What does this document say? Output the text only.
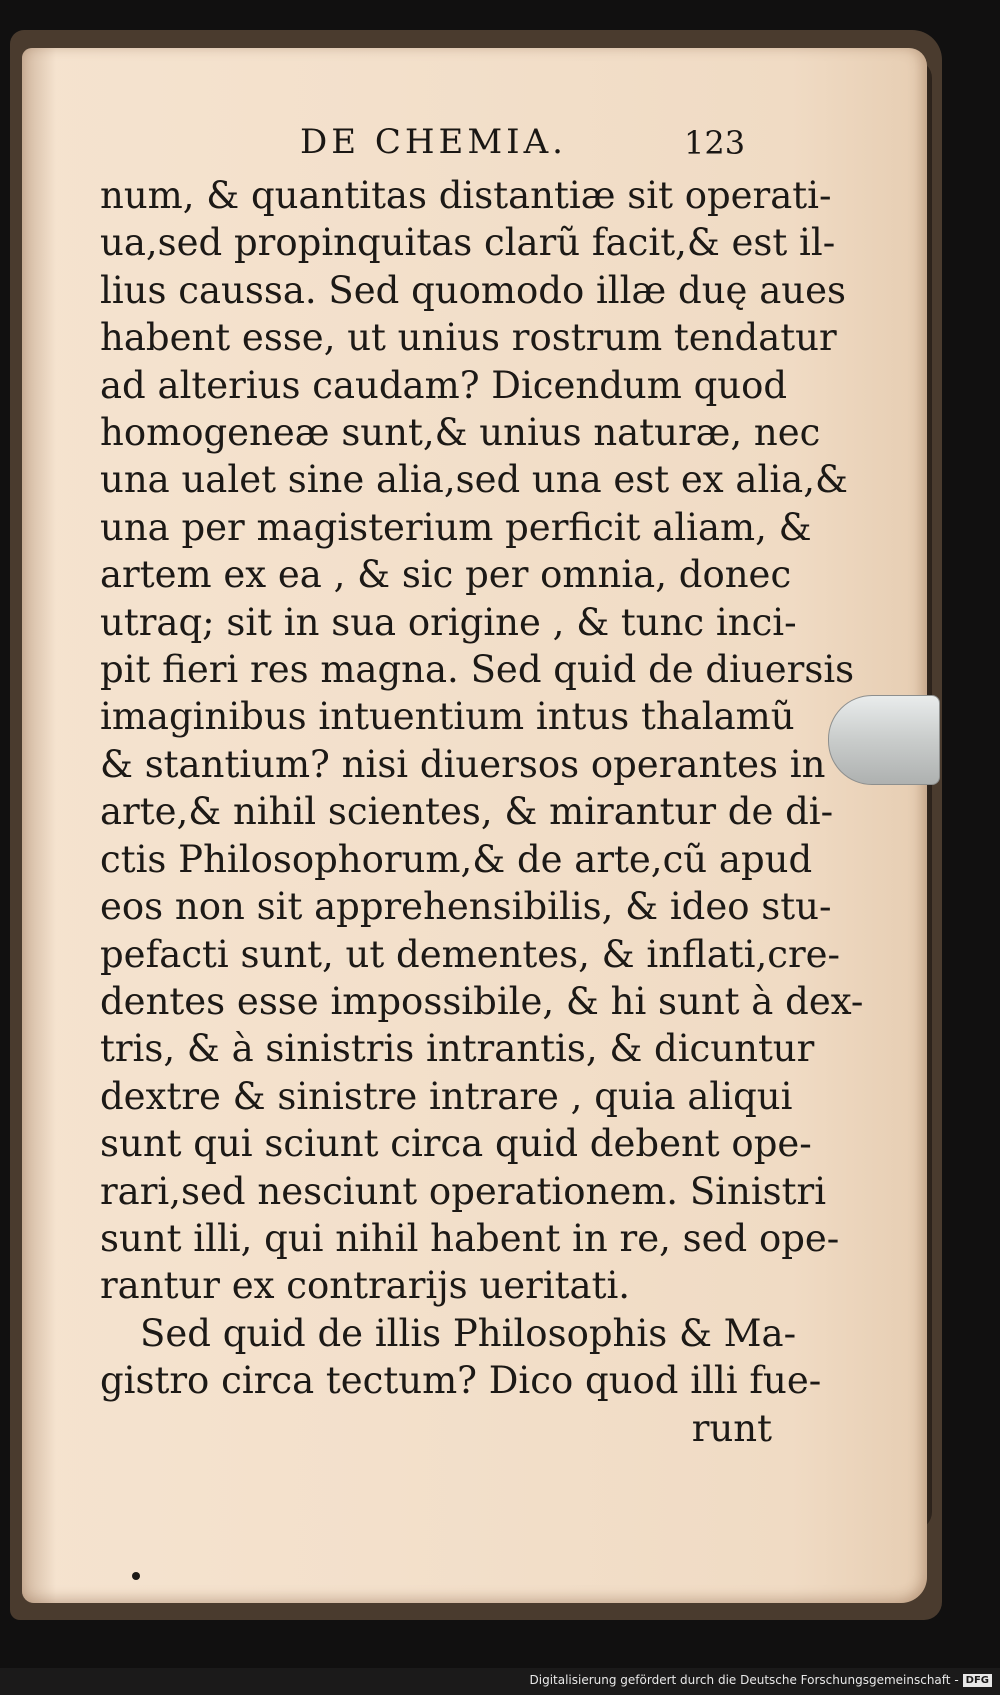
DE CHEMIA.	123
num, & quantitas distantiæ sit operati-
ua,sed propinquitas clarũ facit,& est il-
lius caussa. Sed quomodo illæ duę aues
habent esse, ut unius rostrum tendatur
ad alterius caudam? Dicendum quod
homogeneæ sunt,& unius naturæ, nec
una ualet sine alia,sed una est ex alia,&
una per magisterium perficit aliam, &
artem ex ea , & sic per omnia, donec
utraq; sit in sua origine , & tunc inci-
pit fieri res magna. Sed quid de diuersis
imaginibus intuentium intus thalamũ
& stantium? nisi diuersos operantes in
arte,& nihil scientes, & mirantur de di-
ctis Philosophorum,& de arte,cũ apud
eos non sit apprehensibilis, & ideo stu-
pefacti sunt, ut dementes, & inflati,cre-
dentes esse impossibile, & hi sunt à dex-
tris, & à sinistris intrantis, & dicuntur
dextre & sinistre intrare , quia aliqui
sunt qui sciunt circa quid debent ope-
rari,sed nesciunt operationem. Sinistri
sunt illi, qui nihil habent in re, sed ope-
rantur ex contrarijs ueritati.
Sed quid de illis Philosophis & Ma-
gistro circa tectum? Dico quod illi fue-
runt
Digitalisierung gefördert durch die Deutsche Forschungsgemeinschaft - DFG
